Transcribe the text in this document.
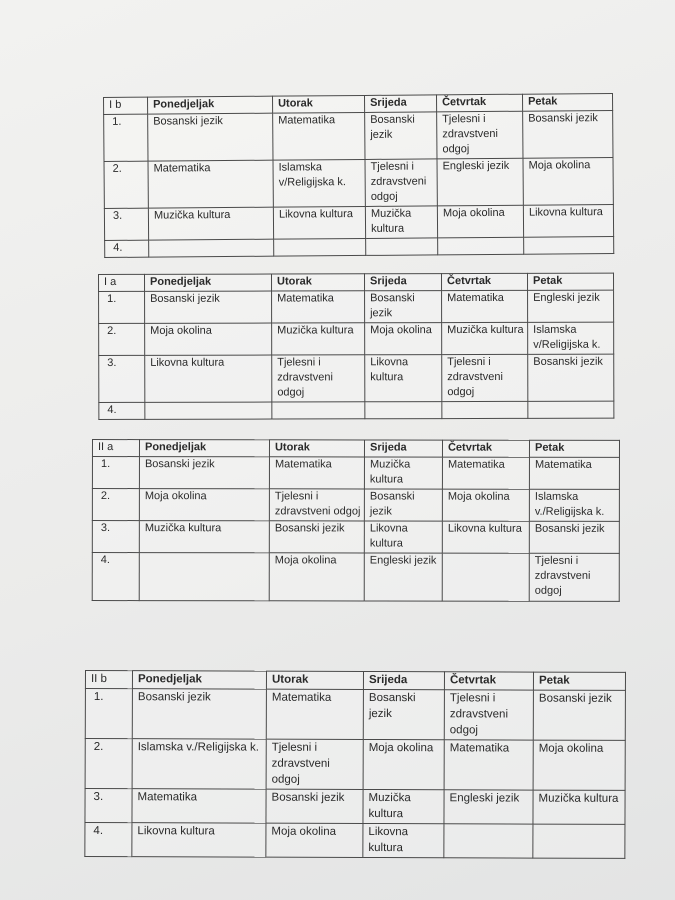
I b	Ponedjeljak	Utorak	Srijeda	Četvrtak	Petak
1.	Bosanski jezik	Matematika	Bosanski jezik	Tjelesni i zdravstveni odgoj	Bosanski jezik
2.	Matematika	Islamska v/Religijska k.	Tjelesni i zdravstveni odgoj	Engleski jezik	Moja okolina
3.	Muzička kultura	Likovna kultura	Muzička kultura	Moja okolina	Likovna kultura
4.					
I a	Ponedjeljak	Utorak	Srijeda	Četvrtak	Petak
1.	Bosanski jezik	Matematika	Bosanski jezik	Matematika	Engleski jezik
2.	Moja okolina	Muzička kultura	Moja okolina	Muzička kultura	Islamska v/Religijska k.
3.	Likovna kultura	Tjelesni i zdravstveni odgoj	Likovna kultura	Tjelesni i zdravstveni odgoj	Bosanski jezik
4.					
II a	Ponedjeljak	Utorak	Srijeda	Četvrtak	Petak
1.	Bosanski jezik	Matematika	Muzička kultura	Matematika	Matematika
2.	Moja okolina	Tjelesni i zdravstveni odgoj	Bosanski jezik	Moja okolina	Islamska v./Religijska k.
3.	Muzička kultura	Bosanski jezik	Likovna kultura	Likovna kultura	Bosanski jezik
4.		Moja okolina	Engleski jezik		Tjelesni i zdravstveni odgoj
II b	Ponedjeljak	Utorak	Srijeda	Četvrtak	Petak
1.	Bosanski jezik	Matematika	Bosanski jezik	Tjelesni i zdravstveni odgoj	Bosanski jezik
2.	Islamska v./Religijska k.	Tjelesni i zdravstveni odgoj	Moja okolina	Matematika	Moja okolina
3.	Matematika	Bosanski jezik	Muzička kultura	Engleski jezik	Muzička kultura
4.	Likovna kultura	Moja okolina	Likovna kultura		
